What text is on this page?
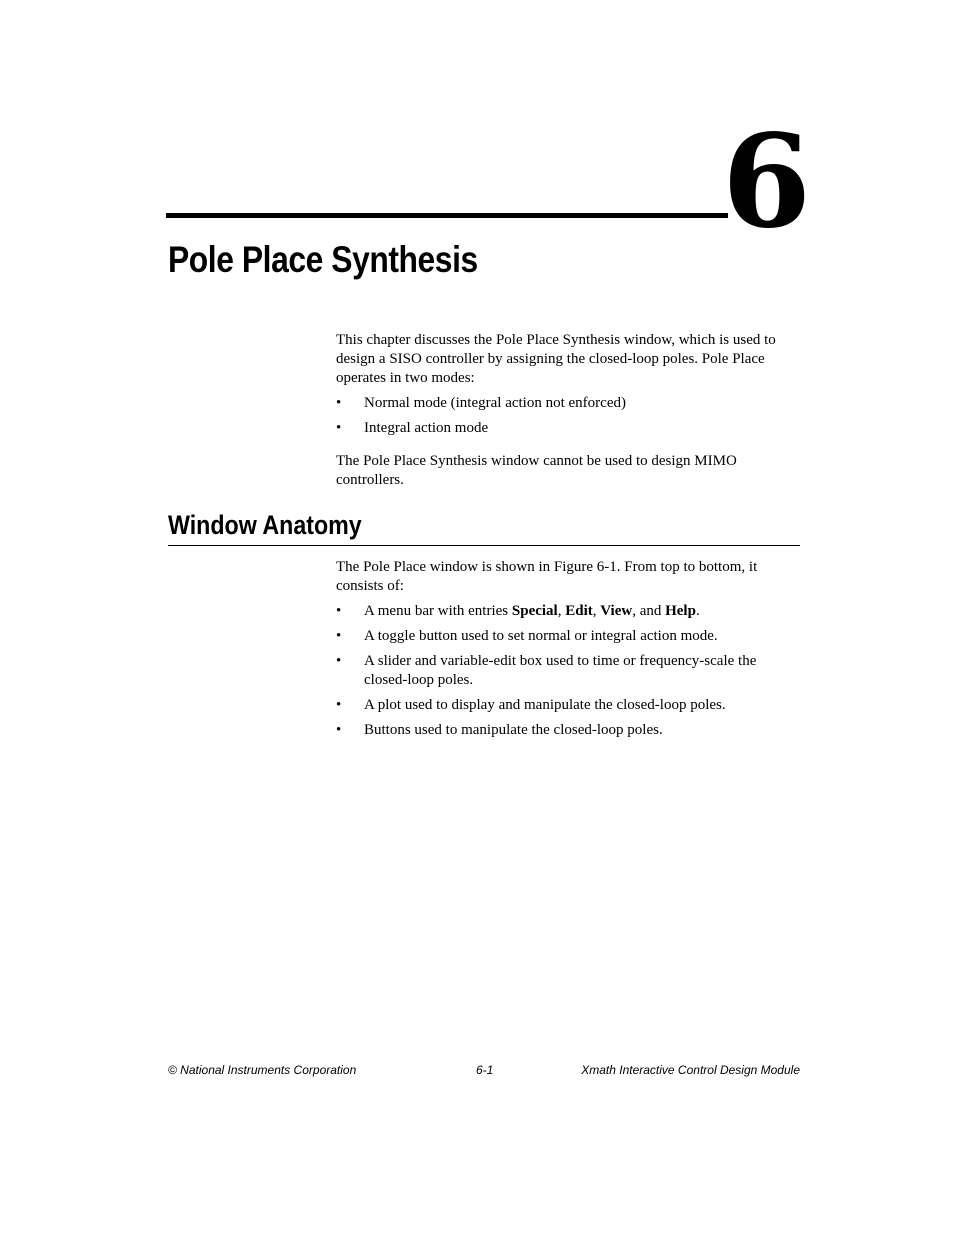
6
Pole Place Synthesis

This chapter discusses the Pole Place Synthesis window, which is used to design a SISO controller by assigning the closed-loop poles. Pole Place operates in two modes:

• Normal mode (integral action not enforced)
• Integral action mode

The Pole Place Synthesis window cannot be used to design MIMO controllers.

Window Anatomy

The Pole Place window is shown in Figure 6-1. From top to bottom, it consists of:

• A menu bar with entries Special, Edit, View, and Help.
• A toggle button used to set normal or integral action mode.
• A slider and variable-edit box used to time or frequency-scale the closed-loop poles.
• A plot used to display and manipulate the closed-loop poles.
• Buttons used to manipulate the closed-loop poles.
© National Instruments Corporation	6-1	Xmath Interactive Control Design Module
